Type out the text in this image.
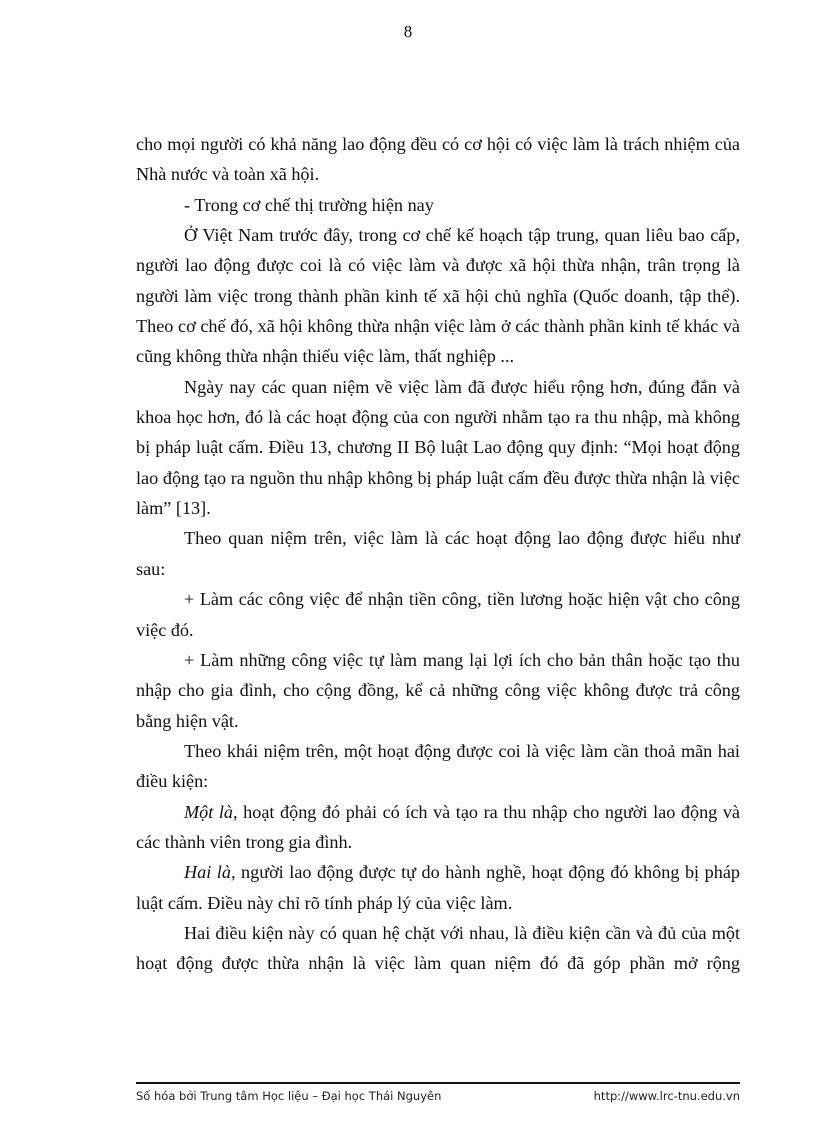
8

cho mọi người có khả năng lao động đều có cơ hội có việc làm là trách nhiệm của Nhà nước và toàn xã hội.

- Trong cơ chế thị trường hiện nay

Ở Việt Nam trước đây, trong cơ chế kế hoạch tập trung, quan liêu bao cấp, người lao động được coi là có việc làm và được xã hội thừa nhận, trân trọng là người làm việc trong thành phần kinh tế xã hội chủ nghĩa (Quốc doanh, tập thể). Theo cơ chế đó, xã hội không thừa nhận việc làm ở các thành phần kinh tế khác và cũng không thừa nhận thiếu việc làm, thất nghiệp ...

Ngày nay các quan niệm về việc làm đã được hiểu rộng hơn, đúng đắn và khoa học hơn, đó là các hoạt động của con người nhằm tạo ra thu nhập, mà không bị pháp luật cấm. Điều 13, chương II Bộ luật Lao động quy định: “Mọi hoạt động lao động tạo ra nguồn thu nhập không bị pháp luật cấm đều được thừa nhận là việc làm” [13].

Theo quan niệm trên, việc làm là các hoạt động lao động được hiểu như sau:

+ Làm các công việc để nhận tiền công, tiền lương hoặc hiện vật cho công việc đó.

+ Làm những công việc tự làm mang lại lợi ích cho bản thân hoặc tạo thu nhập cho gia đình, cho cộng đồng, kể cả những công việc không được trả công bằng hiện vật.

Theo khái niệm trên, một hoạt động được coi là việc làm cần thoả mãn hai điều kiện:

Một là, hoạt động đó phải có ích và tạo ra thu nhập cho người lao động và các thành viên trong gia đình.

Hai là, người lao động được tự do hành nghề, hoạt động đó không bị pháp luật cấm. Điều này chỉ rõ tính pháp lý của việc làm.

Hai điều kiện này có quan hệ chặt với nhau, là điều kiện cần và đủ của một hoạt động được thừa nhận là việc làm quan niệm đó đã góp phần mở rộng

Số hóa bởi Trung tâm Học liệu – Đại học Thái Nguyên	http://www.lrc-tnu.edu.vn
